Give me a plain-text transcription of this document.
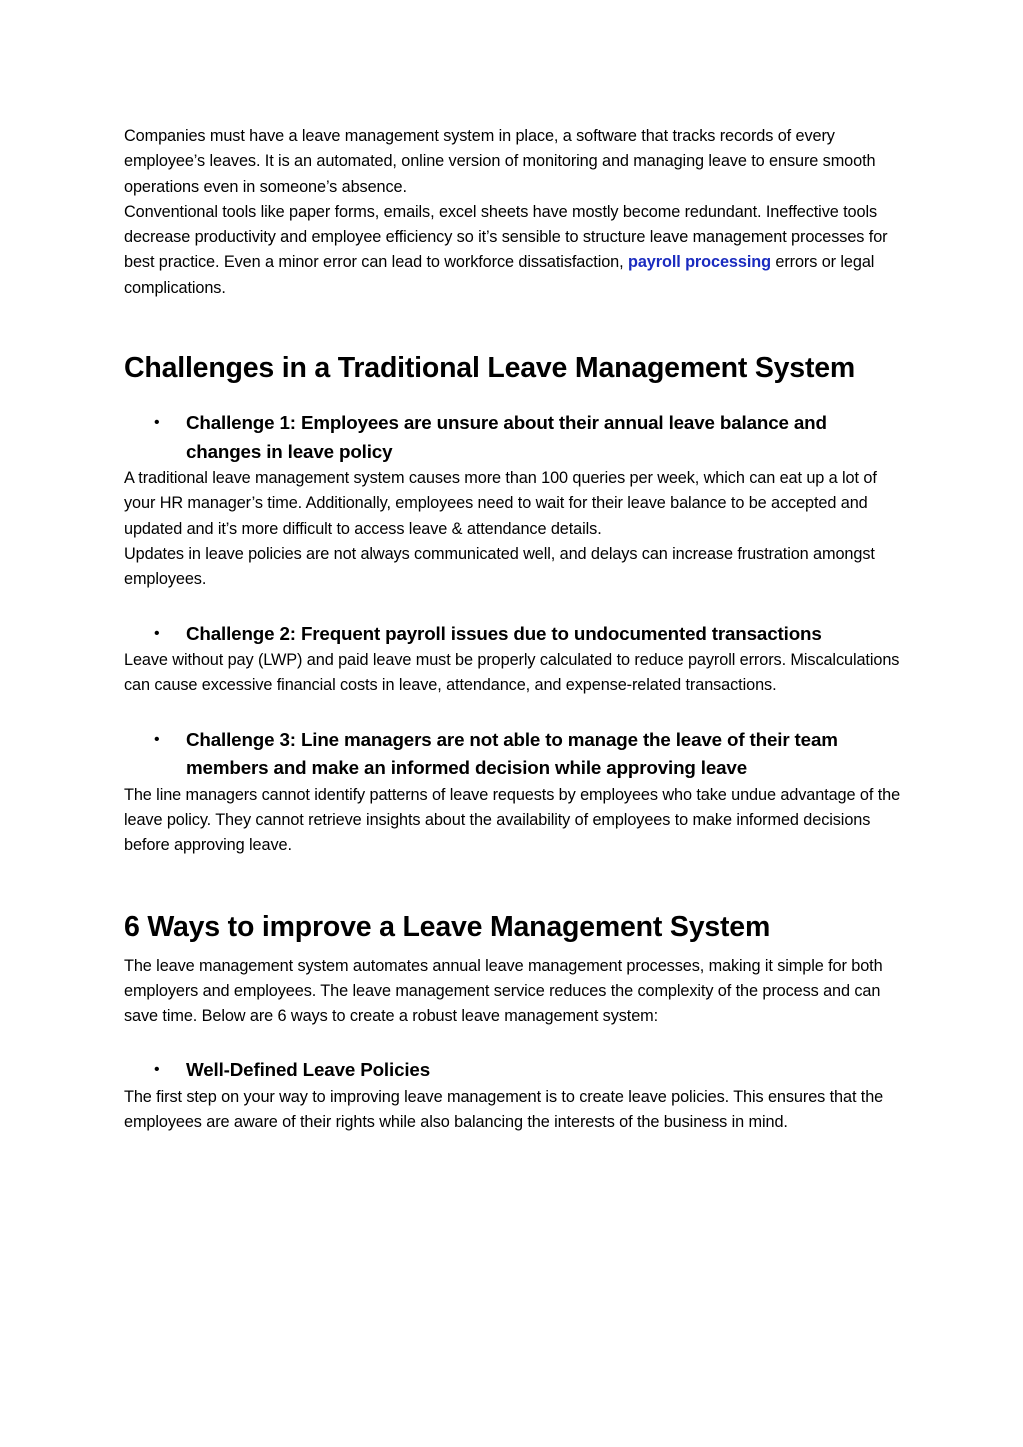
Companies must have a leave management system in place, a software that tracks records of every employee’s leaves. It is an automated, online version of monitoring and managing leave to ensure smooth operations even in someone’s absence.

Conventional tools like paper forms, emails, excel sheets have mostly become redundant. Ineffective tools decrease productivity and employee efficiency so it’s sensible to structure leave management processes for best practice. Even a minor error can lead to workforce dissatisfaction, payroll processing errors or legal complications.

Challenges in a Traditional Leave Management System
• Challenge 1: Employees are unsure about their annual leave balance and changes in leave policy

A traditional leave management system causes more than 100 queries per week, which can eat up a lot of your HR manager’s time. Additionally, employees need to wait for their leave balance to be accepted and updated and it’s more difficult to access leave & attendance details.

Updates in leave policies are not always communicated well, and delays can increase frustration amongst employees.

• Challenge 2: Frequent payroll issues due to undocumented transactions

Leave without pay (LWP) and paid leave must be properly calculated to reduce payroll errors. Miscalculations can cause excessive financial costs in leave, attendance, and expense-related transactions.

• Challenge 3: Line managers are not able to manage the leave of their team members and make an informed decision while approving leave

The line managers cannot identify patterns of leave requests by employees who take undue advantage of the leave policy. They cannot retrieve insights about the availability of employees to make informed decisions before approving leave.

6 Ways to improve a Leave Management System

The leave management system automates annual leave management processes, making it simple for both employers and employees. The leave management service reduces the complexity of the process and can save time. Below are 6 ways to create a robust leave management system:

• Well-Defined Leave Policies

The first step on your way to improving leave management is to create leave policies. This ensures that the employees are aware of their rights while also balancing the interests of the business in mind.
